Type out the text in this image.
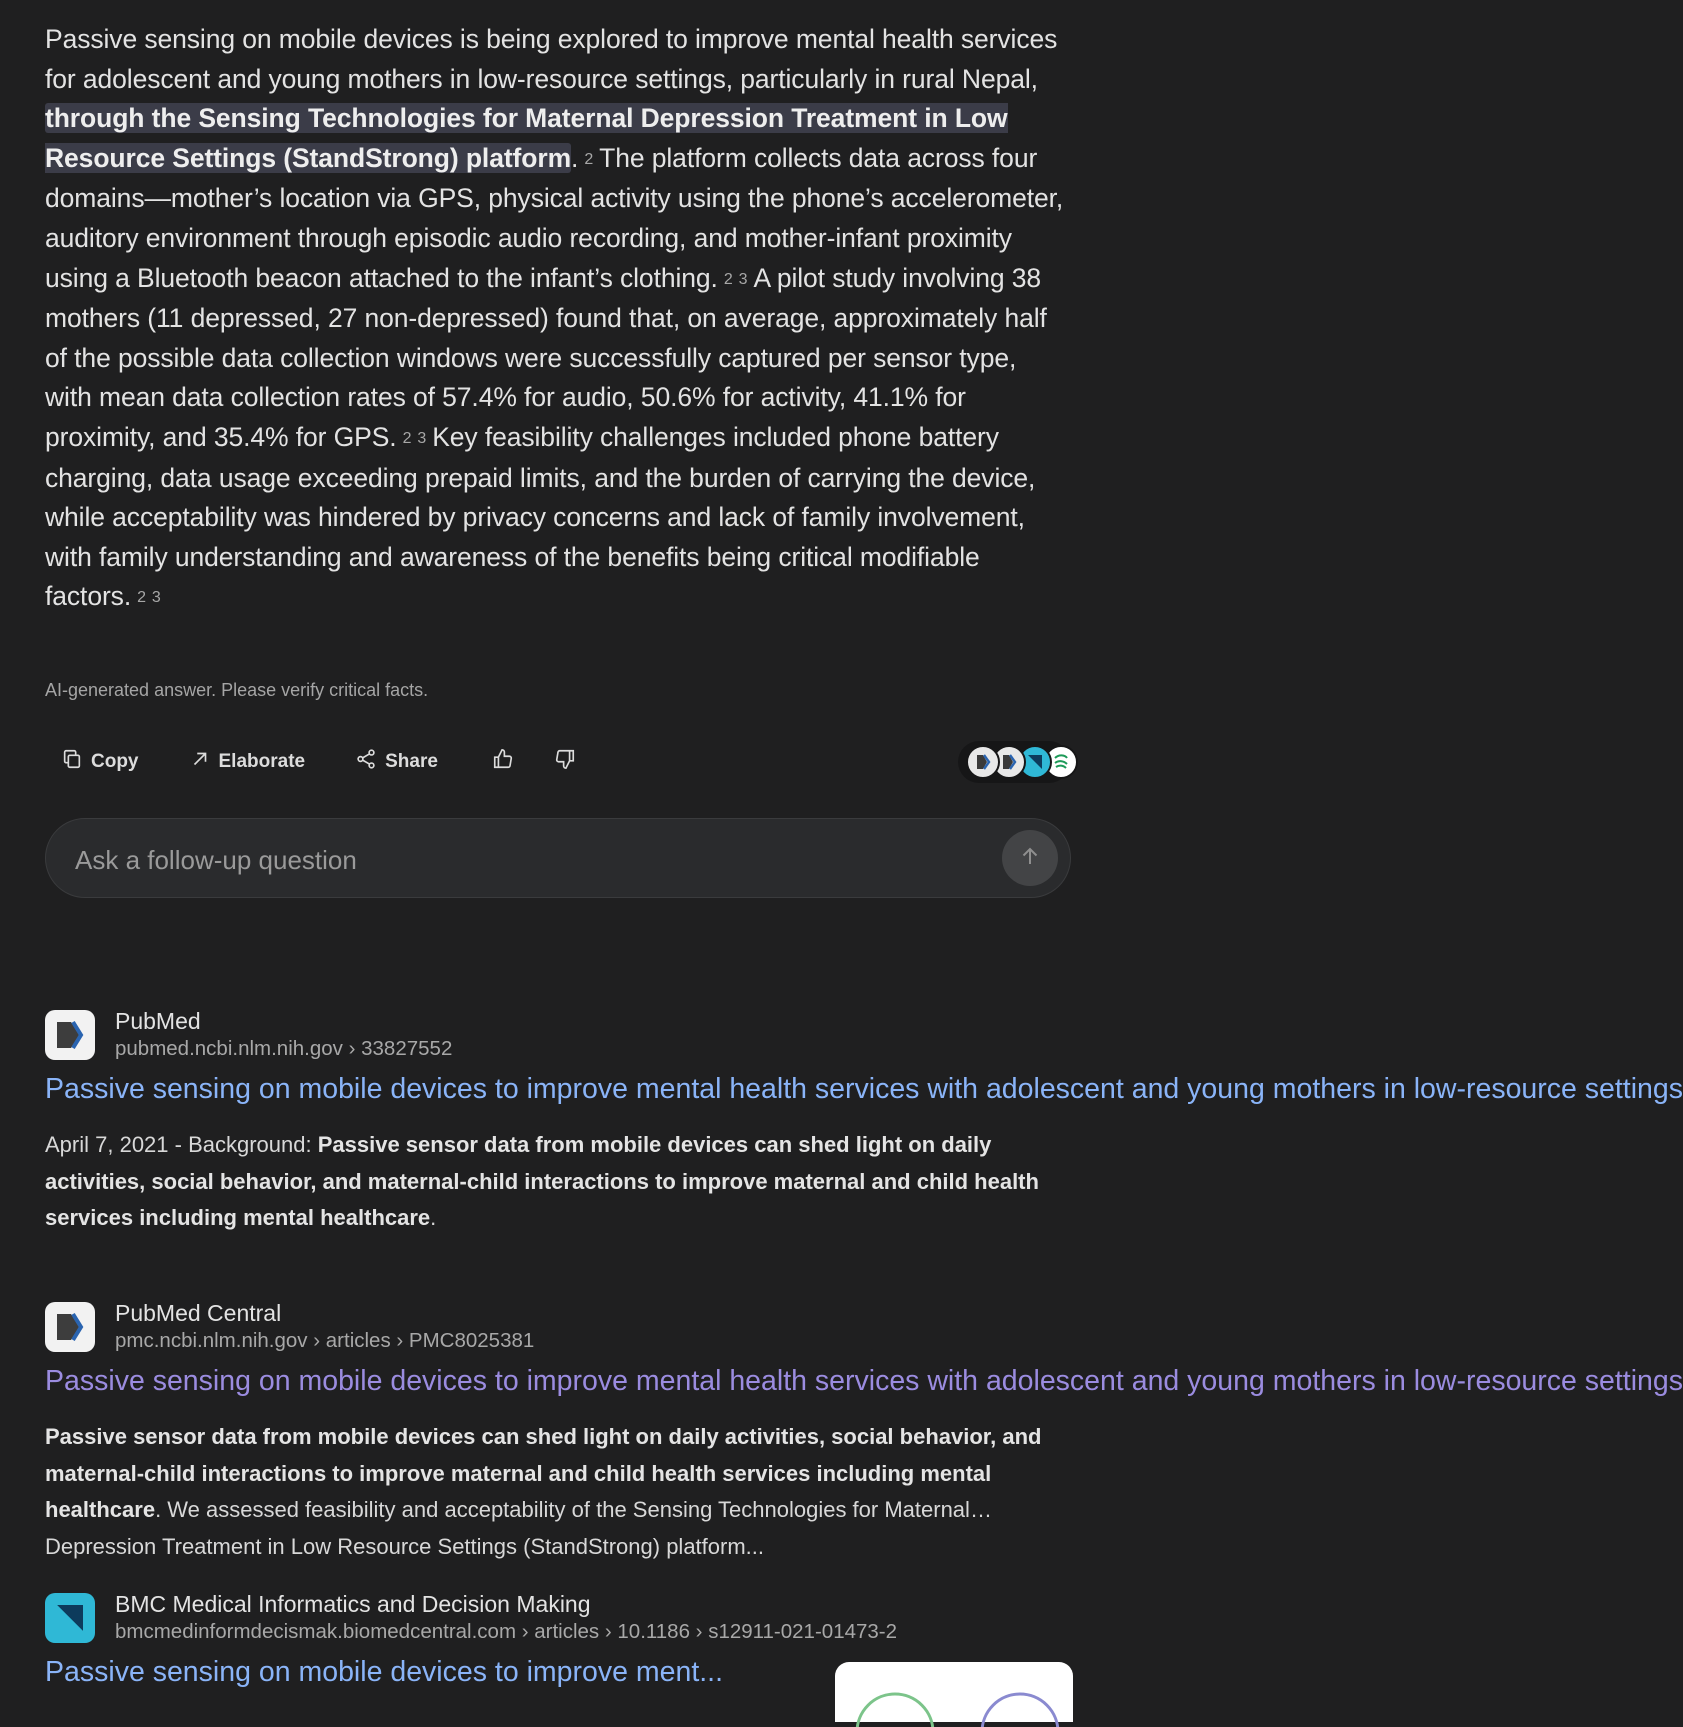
Passive sensing on mobile devices is being explored to improve mental health services for adolescent and young mothers in low-resource settings, particularly in rural Nepal, through the Sensing Technologies for Maternal Depression Treatment in Low Resource Settings (StandStrong) platform. 2 The platform collects data across four domains—mother’s location via GPS, physical activity using the phone’s accelerometer, auditory environment through episodic audio recording, and mother-infant proximity using a Bluetooth beacon attached to the infant’s clothing. 2 3 A pilot study involving 38 mothers (11 depressed, 27 non-depressed) found that, on average, approximately half of the possible data collection windows were successfully captured per sensor type, with mean data collection rates of 57.4% for audio, 50.6% for activity, 41.1% for proximity, and 35.4% for GPS. 2 3 Key feasibility challenges included phone battery charging, data usage exceeding prepaid limits, and the burden of carrying the device, while acceptability was hindered by privacy concerns and lack of family involvement, with family understanding and awareness of the benefits being critical modifiable factors. 2 3
AI-generated answer. Please verify critical facts.
Copy	Elaborate	Share
Ask a follow-up question
PubMed
pubmed.ncbi.nlm.nih.gov › 33827552
Passive sensing on mobile devices to improve mental health services with adolescent and young mothers in low-resource settings
April 7, 2021 - Background: Passive sensor data from mobile devices can shed light on daily activities, social behavior, and maternal-child interactions to improve maternal and child health services including mental healthcare.
PubMed Central
pmc.ncbi.nlm.nih.gov › articles › PMC8025381
Passive sensing on mobile devices to improve mental health services with adolescent and young mothers in low-resource settings
Passive sensor data from mobile devices can shed light on daily activities, social behavior, and maternal-child interactions to improve maternal and child health services including mental healthcare. We assessed feasibility and acceptability of the Sensing Technologies for Maternal Depression Treatment in Low Resource Settings (StandStrong) platform...
BMC Medical Informatics and Decision Making
bmcmedinformdecismak.biomedcentral.com › articles › 10.1186 › s12911-021-01473-2
Passive sensing on mobile devices to improve ment...
